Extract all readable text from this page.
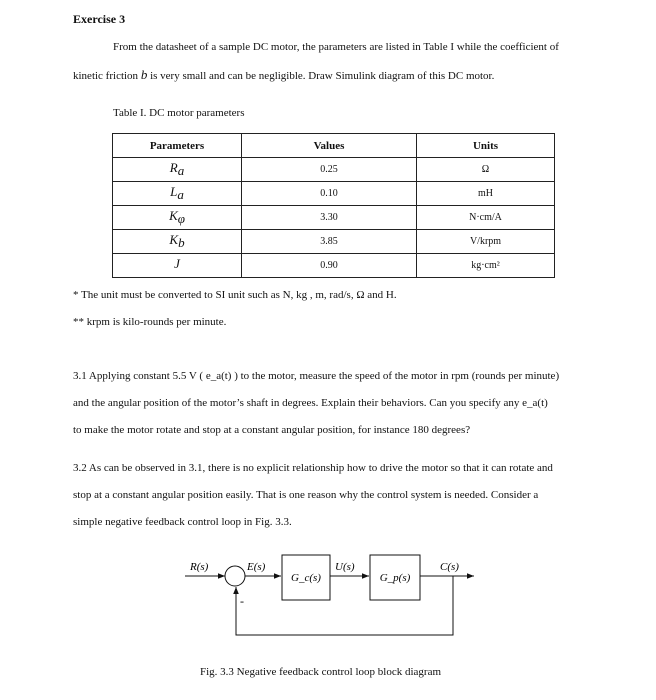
Exercise 3
From the datasheet of a sample DC motor, the parameters are listed in Table I while the coefficient of
kinetic friction b is very small and can be negligible. Draw Simulink diagram of this DC motor.
Table I. DC motor parameters
Parameters	Values	Units
$R_a$	0.25	Ω
$L_a$	0.10	mH
$K_\varphi$	3.30	N·cm/A
$K_b$	3.85	V/krpm
J	0.90	kg·cm²
* The unit must be converted to SI unit such as N, kg , m, rad/s, Ω and H.
** krpm is kilo-rounds per minute.
3.1 Applying constant 5.5 V ( e_a(t) ) to the motor, measure the speed of the motor in rpm (rounds per minute)
and the angular position of the motor’s shaft in degrees. Explain their behaviors. Can you specify any e_a(t)
to make the motor rotate and stop at a constant angular position, for instance 180 degrees?
3.2 As can be observed in 3.1, there is no explicit relationship how to drive the motor so that it can rotate and
stop at a constant angular position easily. That is one reason why the control system is needed. Consider a
simple negative feedback control loop in Fig. 3.3.
R(s)	E(s)
G_c(s)
U(s)
G_p(s)
C(s)
-
Fig. 3.3 Negative feedback control loop block diagram
